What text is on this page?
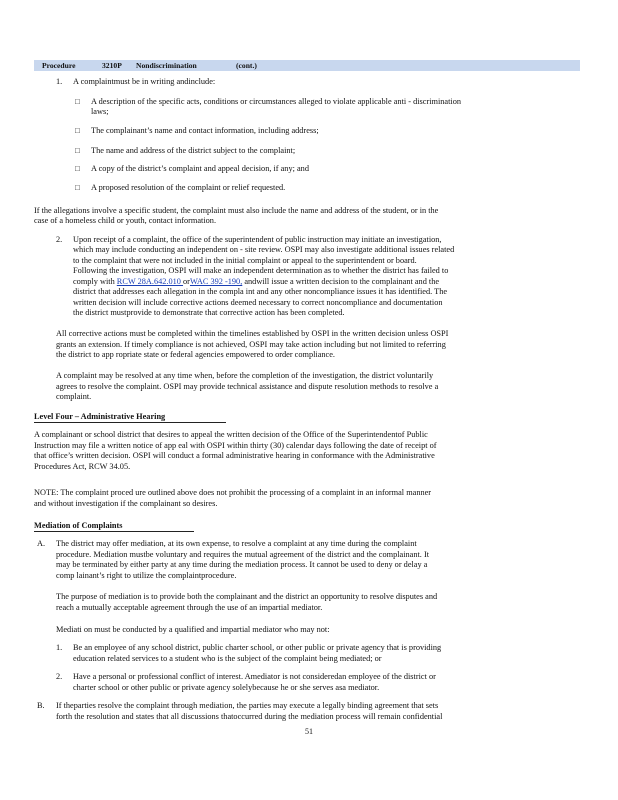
Procedure	3210P Nondiscrimination	(cont.)
1. A complaintmust be in writing andinclude:
□ A description of the specific acts, conditions or circumstances alleged to violate applicable anti - discrimination
laws;
□ The complainant’s name and contact information, including address;
□ The name and address of the district subject to the complaint;
□ A copy of the district’s complaint and appeal decision, if any; and
□ A proposed resolution of the complaint or relief requested.
If the allegations involve a specific student, the complaint must also include the name and address of the student, or in the
case of a homeless child or youth, contact information.
2. Upon receipt of a complaint, the office of the superintendent of public instruction may initiate an investigation,
which may include conducting an independent on - site review. OSPI may also investigate additional issues related
to the complaint that were not included in the initial complaint or appeal to the superintendent or board.
Following the investigation, OSPI will make an independent determination as to whether the district has failed to
comply with RCW 28A.642.010 orWAC 392 -190, andwill issue a written decision to the complainant and the
district that addresses each allegation in the compla int and any other noncompliance issues it has identified. The
written decision will include corrective actions deemed necessary to correct noncompliance and documentation
the district mustprovide to demonstrate that corrective action has been completed.
All corrective actions must be completed within the timelines established by OSPI in the written decision unless OSPI
grants an extension. If timely compliance is not achieved, OSPI may take action including but not limited to referring
the district to app ropriate state or federal agencies empowered to order compliance.
A complaint may be resolved at any time when, before the completion of the investigation, the district voluntarily
agrees to resolve the complaint. OSPI may provide technical assistance and dispute resolution methods to resolve a
complaint.
Level Four – Administrative Hearing
A complainant or school district that desires to appeal the written decision of the Office of the Superintendentof Public
Instruction may file a written notice of app eal with OSPI within thirty (30) calendar days following the date of receipt of
that office’s written decision. OSPI will conduct a formal administrative hearing in conformance with the Administrative
Procedures Act, RCW 34.05.
NOTE: The complaint proced ure outlined above does not prohibit the processing of a complaint in an informal manner
and without investigation if the complainant so desires.
Mediation of Complaints
A. The district may offer mediation, at its own expense, to resolve a complaint at any time during the complaint
procedure. Mediation mustbe voluntary and requires the mutual agreement of the district and the complainant. It
may be terminated by either party at any time during the mediation process. It cannot be used to deny or delay a
comp lainant’s right to utilize the complaintprocedure.
The purpose of mediation is to provide both the complainant and the district an opportunity to resolve disputes and
reach a mutually acceptable agreement through the use of an impartial mediator.
Mediati on must be conducted by a qualified and impartial mediator who may not:
1. Be an employee of any school district, public charter school, or other public or private agency that is providing
education related services to a student who is the subject of the complaint being mediated; or
2. Have a personal or professional conflict of interest. Amediator is not consideredan employee of the district or
charter school or other public or private agency solelybecause he or she serves asa mediator.
B. If theparties resolve the complaint through mediation, the parties may execute a legally binding agreement that sets
forth the resolution and states that all discussions thatoccurred during the mediation process will remain confidential
51
